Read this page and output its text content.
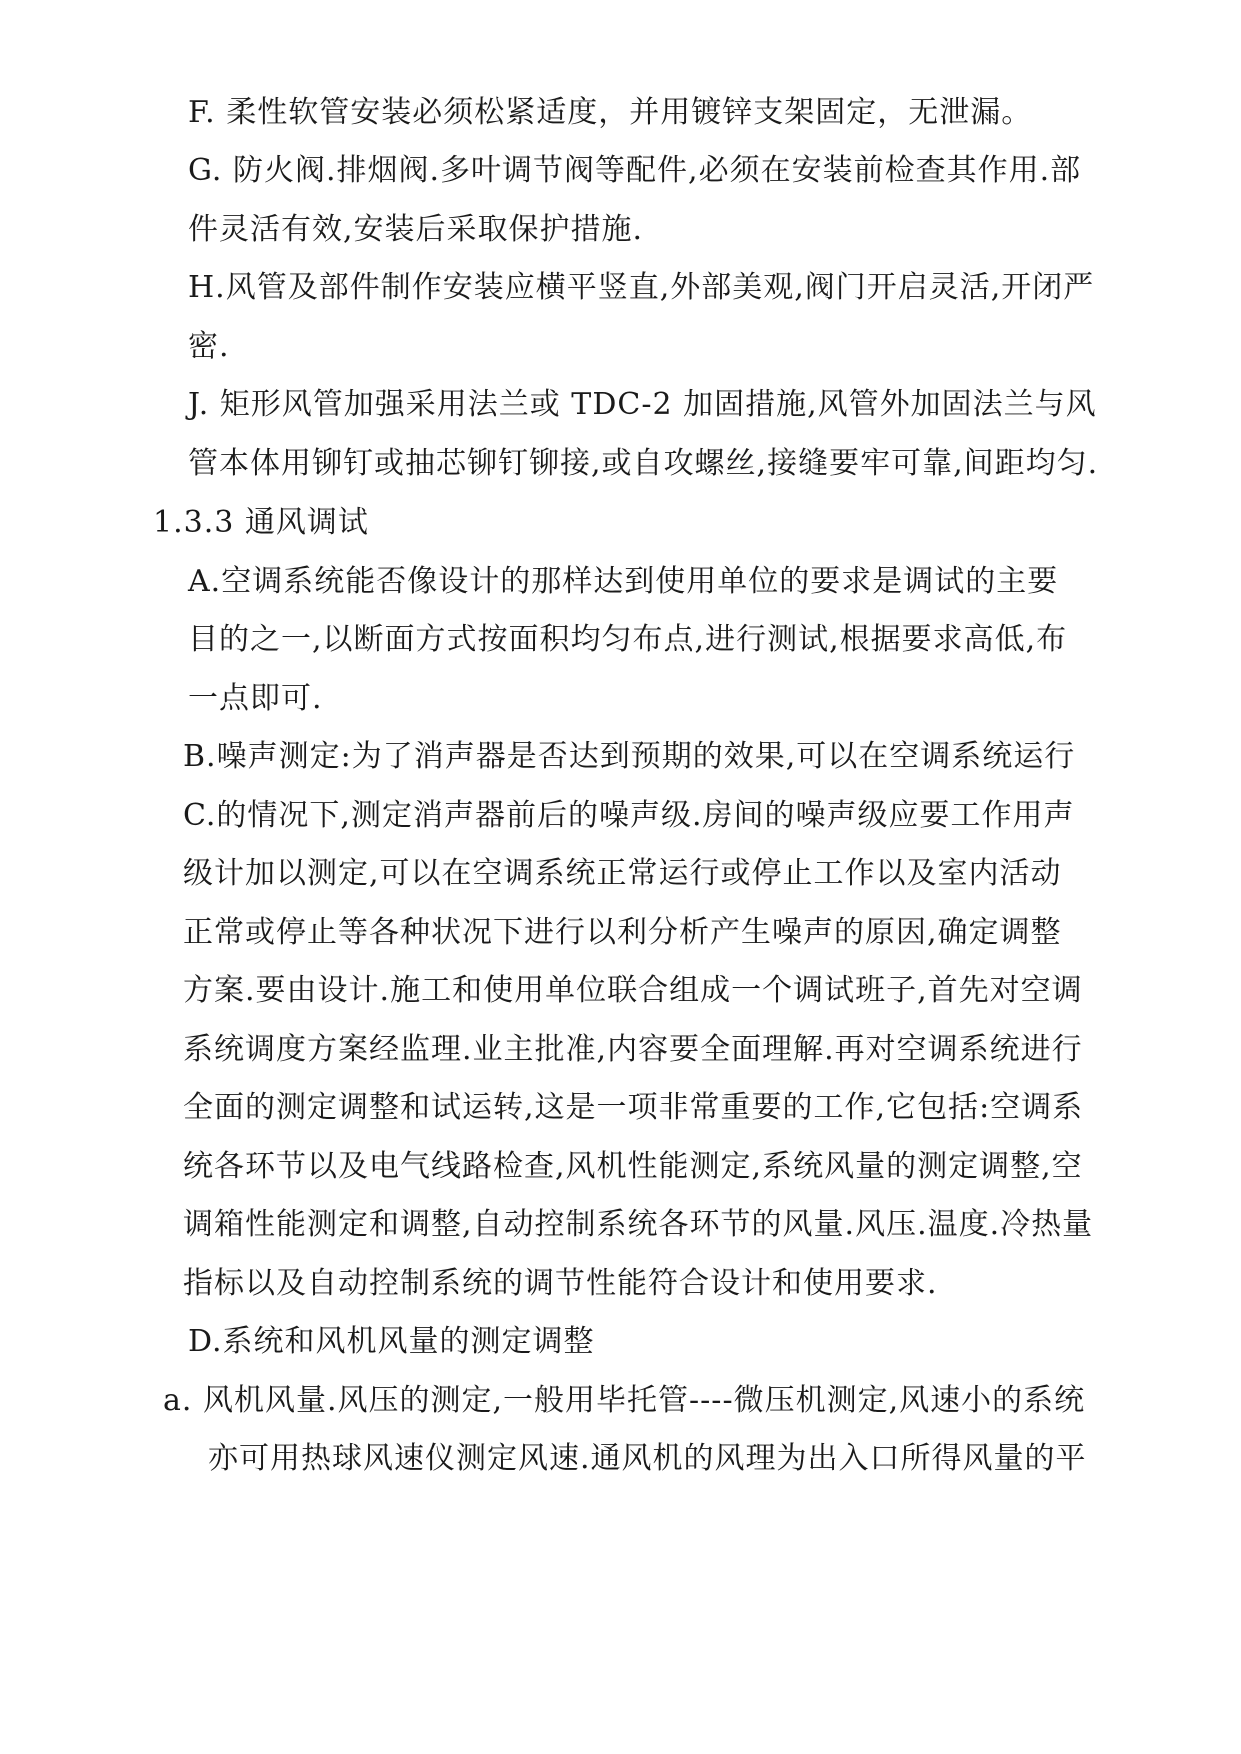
F. 柔性软管安装必须松紧适度，并用镀锌支架固定，无泄漏。
G. 防火阀.排烟阀.多叶调节阀等配件,必须在安装前检查其作用.部
件灵活有效,安装后采取保护措施.
H.风管及部件制作安装应横平竖直,外部美观,阀门开启灵活,开闭严
密.
J. 矩形风管加强采用法兰或 TDC-2 加固措施,风管外加固法兰与风
管本体用铆钉或抽芯铆钉铆接,或自攻螺丝,接缝要牢可靠,间距均匀.
1.3.3 通风调试
A.空调系统能否像设计的那样达到使用单位的要求是调试的主要
目的之一,以断面方式按面积均匀布点,进行测试,根据要求高低,布
一点即可.
B.噪声测定:为了消声器是否达到预期的效果,可以在空调系统运行
C.的情况下,测定消声器前后的噪声级.房间的噪声级应要工作用声
级计加以测定,可以在空调系统正常运行或停止工作以及室内活动
正常或停止等各种状况下进行以利分析产生噪声的原因,确定调整
方案.要由设计.施工和使用单位联合组成一个调试班子,首先对空调
系统调度方案经监理.业主批准,内容要全面理解.再对空调系统进行
全面的测定调整和试运转,这是一项非常重要的工作,它包括:空调系
统各环节以及电气线路检查,风机性能测定,系统风量的测定调整,空
调箱性能测定和调整,自动控制系统各环节的风量.风压.温度.冷热量
指标以及自动控制系统的调节性能符合设计和使用要求.
D.系统和风机风量的测定调整
a. 风机风量.风压的测定,一般用毕托管----微压机测定,风速小的系统
亦可用热球风速仪测定风速.通风机的风理为出入口所得风量的平
